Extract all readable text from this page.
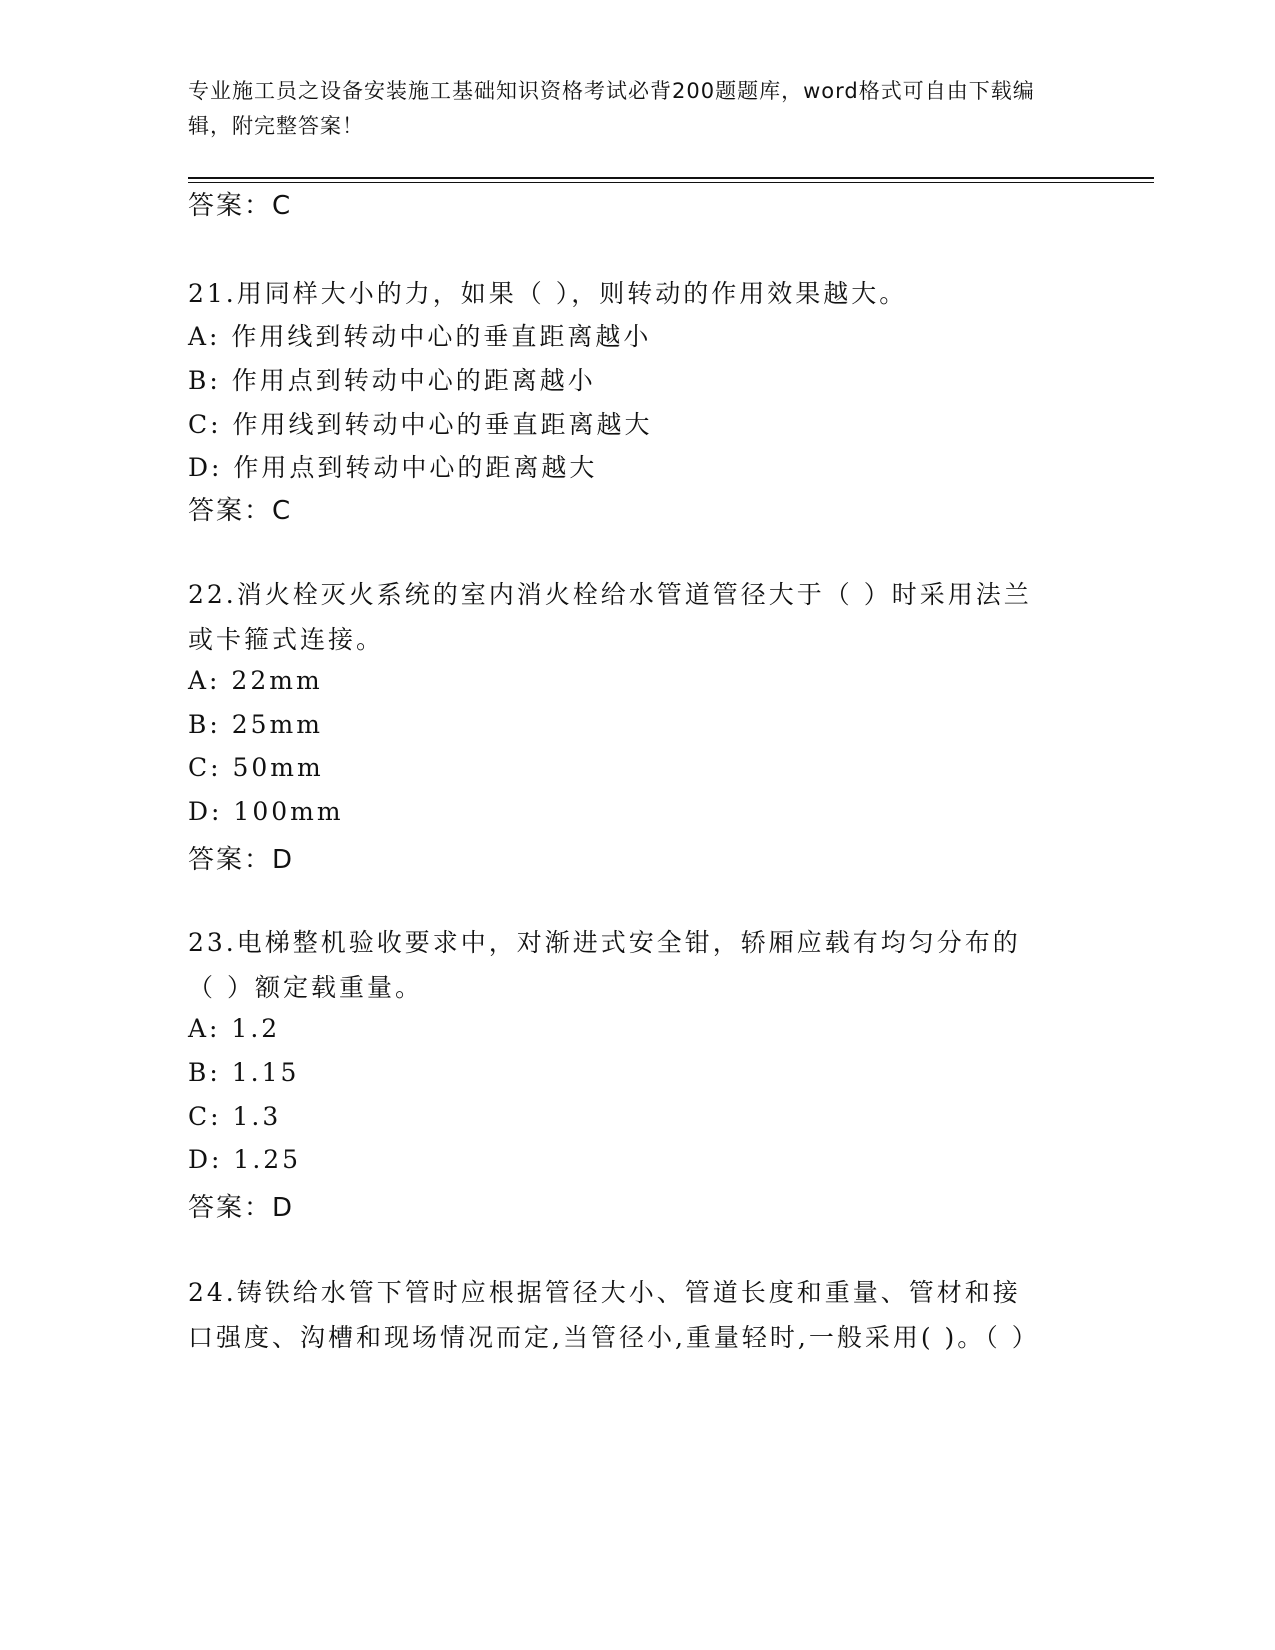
专业施工员之设备安装施工基础知识资格考试必背200题题库，word格式可自由下载编辑，附完整答案！
答案：C
21.用同样大小的力，如果（ ），则转动的作用效果越大。
A: 作用线到转动中心的垂直距离越小
B: 作用点到转动中心的距离越小
C: 作用线到转动中心的垂直距离越大
D: 作用点到转动中心的距离越大
答案：C
22.消火栓灭火系统的室内消火栓给水管道管径大于（ ）时采用法兰或卡箍式连接。
A: 22mm
B: 25mm
C: 50mm
D: 100mm
答案：D
23.电梯整机验收要求中，对渐进式安全钳，轿厢应载有均匀分布的（ ）额定载重量。
A: 1.2
B: 1.15
C: 1.3
D: 1.25
答案：D
24.铸铁给水管下管时应根据管径大小、管道长度和重量、管材和接口强度、沟槽和现场情况而定,当管径小,重量轻时,一般采用( )。（ ）
